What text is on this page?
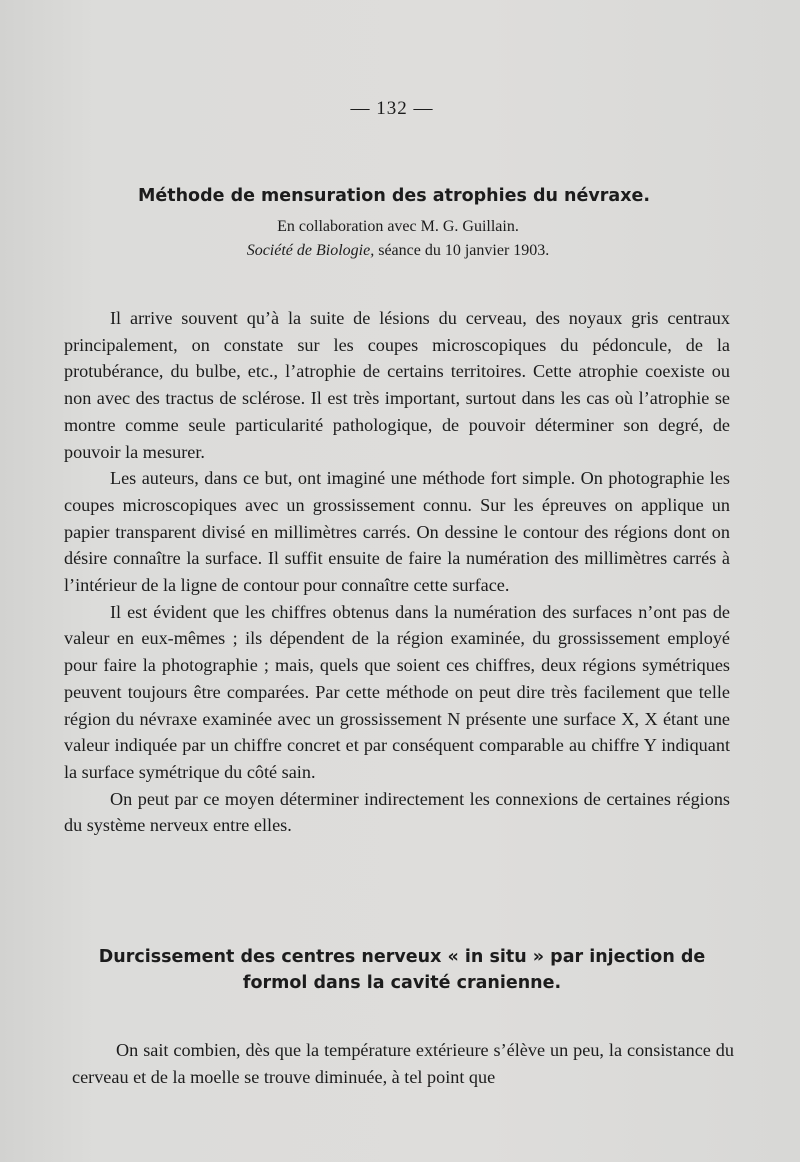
— 132 —
Méthode de mensuration des atrophies du névraxe.
En collaboration avec M. G. Guillain.
Société de Biologie, séance du 10 janvier 1903.

Il arrive souvent qu’à la suite de lésions du cerveau, des noyaux gris centraux principalement, on constate sur les coupes microscopiques du pédoncule, de la protubérance, du bulbe, etc., l’atrophie de certains territoires. Cette atrophie coexiste ou non avec des tractus de sclérose. Il est très important, surtout dans les cas où l’atrophie se montre comme seule particularité pathologique, de pouvoir déterminer son degré, de pouvoir la mesurer.

Les auteurs, dans ce but, ont imaginé une méthode fort simple. On photographie les coupes microscopiques avec un grossissement connu. Sur les épreuves on applique un papier transparent divisé en millimètres carrés. On dessine le contour des régions dont on désire connaître la surface. Il suffit ensuite de faire la numération des millimètres carrés à l’intérieur de la ligne de contour pour connaître cette surface.

Il est évident que les chiffres obtenus dans la numération des surfaces n’ont pas de valeur en eux-mêmes ; ils dépendent de la région examinée, du grossissement employé pour faire la photographie ; mais, quels que soient ces chiffres, deux régions symétriques peuvent toujours être comparées. Par cette méthode on peut dire très facilement que telle région du névraxe examinée avec un grossissement N présente une surface X, X étant une valeur indiquée par un chiffre concret et par conséquent comparable au chiffre Y indiquant la surface symétrique du côté sain.

On peut par ce moyen déterminer indirectement les connexions de certaines régions du système nerveux entre elles.

Durcissement des centres nerveux « in situ » par injection de formol dans la cavité cranienne.

On sait combien, dès que la température extérieure s’élève un peu, la consistance du cerveau et de la moelle se trouve diminuée, à tel point que
